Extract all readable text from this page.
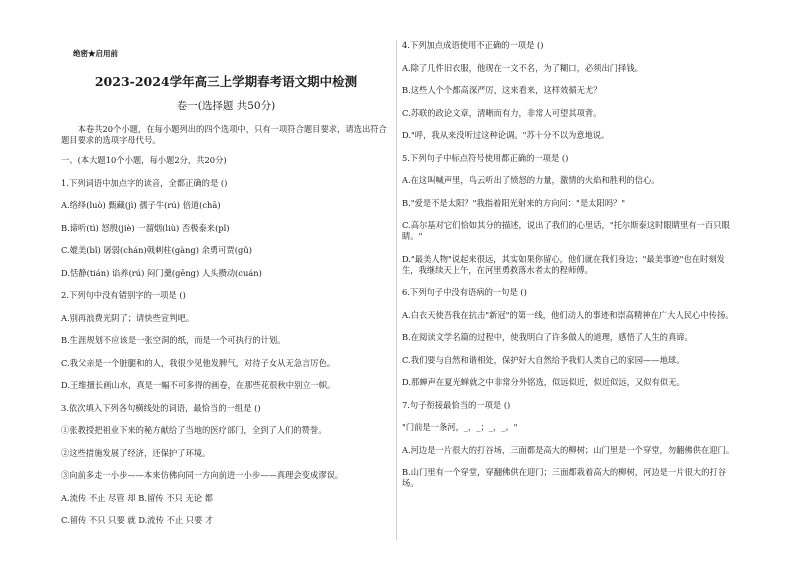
绝密★启用前
2023-2024学年高三上学期春考语文期中检测
卷一(选择题 共50分)
本卷共20个小题，在每小题列出的四个选项中，只有一项符合题目要求，请选出符合题目要求的选项字母代号。
一、(本大题10个小题，每小题2分，共20分)
1.下列词语中加点字的读音，全都正确的是 ()
A.络绎(luò) 甄藏(jì) 孺子牛(rú) 倍道(chā)
B.谛听(tì) 怒殷(jiè) 一溜烟(liù) 否极泰来(pǐ)
C.媲美(bǐ) 孱弱(chán)戟刺柱(gàng) 余勇可贾(gǔ)
D.恬静(tián) 谄养(rú) 闷门羹(gēng) 人头攒动(cuán)
2.下列句中没有错别字的一项是 ()
A.别再浪费光阴了；请快些宣判吧。
B.生涯规划不应该是一张空洞的纸，而是一个可执行的计划。
C.我父亲是一个脏腿和的人，我很少见他发脾气，对待子女从无急言厉色。
D.王维擅长画山水，真是一幅不可多得的画卷，在那些花很秋中别立一帜。
3.依次填入下列各句横线处的词语，最恰当的一组是 ()
①张教授把祖业下来的秘方献给了当地的医疗部门，全到了人们的赞誉。
②这些措施发展了经济，还保护了环境。
③向前多走一小步——本来仿佛向同一方向前进一小步——真理会变成谬误。
A.流传 不止 尽管 却 B.留传 不只 无论 都
C.留传 不只 只要 就 D.流传 不止 只要 才
4.下列加点成语使用不正确的一项是 ()
A.除了几件旧衣服，他现在一文不名，为了糊口，必须出门择钱。
B.这些人个个都高深严厉，这来看来，这样效循无尤？
C.苏联的政论文章，清晰而有力，非常人可望其项背。
D."呼，我从来没听过这种论调。"苏十分不以为意地说。
5.下列句子中标点符号使用都正确的一项是 ()
A.在这叫喊声里，鸟云听出了愤怒的力量，激情的火焰和胜利的信心。
B."爱是不是太阳？"我指着阳光射来的方向问："是太阳吗？"
C.高尔基对它们恰如其分的描述，说出了我们的心里话，"托尔斯泰这时眼睛里有一百只眼睛。"
D."最美人物"说起来很远，其实如果你留心，他们就在我们身边；"最美事迹"也在时刻发生，我继续天上午，在河里勇救落水者太的程师傅。
6.下列句子中没有语病的一句是 ()
A.白衣天使吾我在抗击"新冠"的第一线，他们动人的事迹和崇高精神在广大人民心中传扬。
B.在阅读文学名篇的过程中，使我明白了许多做人的道理，感悟了人生的真谛。
C.我们要与自然和谐相处，保护好大自然给予我们人类自己的家园——地球。
D.那蝉声在夏光蝉就之中非常分外铭选，似远似近，似近似远，又似有似无。
7.句子衔接最恰当的一项是 ()
"门前是一条河，_，_；_，_。"
A.河边是一片很大的打谷场，三面都是高大的柳树；山门里是一个穿堂，勿翻佛供在迎门。
B.山门里有一个穿堂，穿翻佛供在迎门；三面都栽着高大的柳树，河边是一片很大的打谷场。
